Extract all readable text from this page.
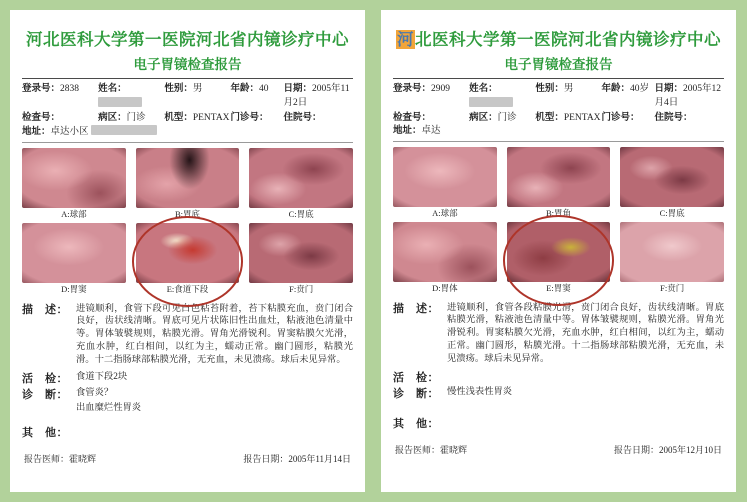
河北医科大学第一医院河北省内镜诊疗中心
电子胃镜检查报告
登录号：2838	姓名：	性别：男	年龄：40	日期：2005年11月2日
检查号：	病区：门诊	机型：PENTAX 门诊号：	住院号：
地址：卓达小区
A:球部	B:胃底	C:胃底
D:胃窦	E:食道下段	F:贲门
描　述： 进镜顺利，食管下段可见白色粘苔附着，苔下粘膜充血，贲门闭合良好，齿状线清晰。胃底可见片状陈旧性出血灶，粘液池色清量中等。胃体皱襞规则，粘膜光滑。胃角光滑锐利。胃窦粘膜欠光滑，充血水肿，红白相间，以红为主，蠕动正常。幽门圆形，粘膜光滑。十二指肠球部粘膜光滑，无充血，未见溃疡。球后未见异常。
活　检： 食道下段2块
诊　断： 食管炎？
出血糜烂性胃炎
其　他：
报告医师：霍晓辉	报告日期：2005年11月14日
河北医科大学第一医院河北省内镜诊疗中心
电子胃镜检查报告
登录号：2909	姓名：	性别：男	年龄：40岁 日期：2005年12月4日
检查号：	病区：门诊	机型：PENTAX 门诊号：	住院号：
地址：卓达
A:球部	B:胃角	C:胃底
D:胃体	E:胃窦	F:贲门
描　述： 进镜顺利，食管各段粘膜光滑，贲门闭合良好，齿状线清晰。胃底粘膜光滑，粘液池色清量中等。胃体皱襞规则，粘膜光滑。胃角光滑锐利。胃窦粘膜欠光滑，充血水肿，红白相间，以红为主，蠕动正常。幽门圆形，粘膜光滑。十二指肠球部粘膜光滑，无充血，未见溃疡。球后未见异常。
活　检：
诊　断： 慢性浅表性胃炎
其　他：
报告医师：霍晓辉	报告日期：2005年12月10日
